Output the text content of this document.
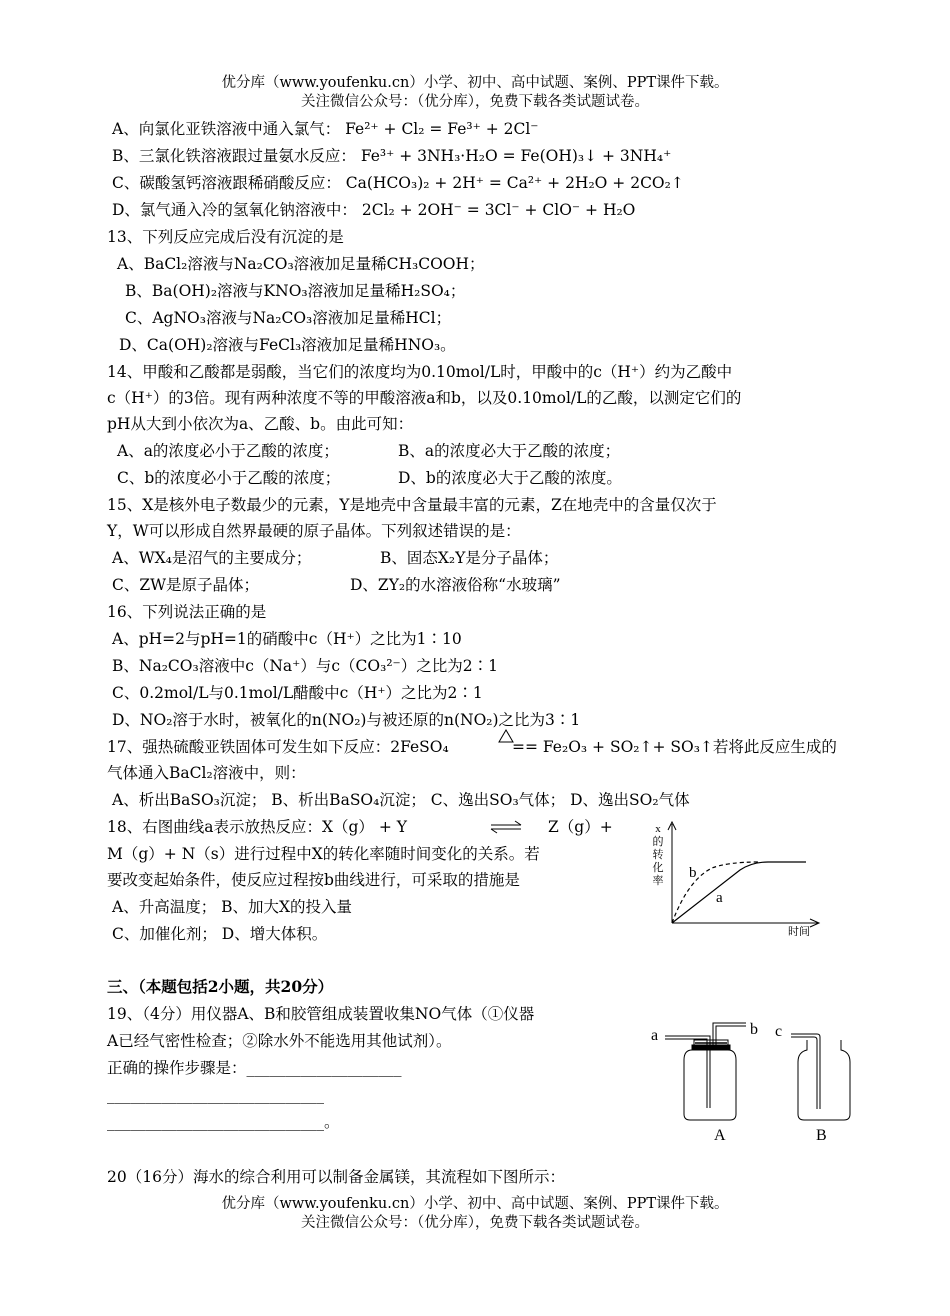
优分库（www.youfenku.cn）小学、初中、高中试题、案例、PPT课件下载。
关注微信公众号：（优分库），免费下载各类试题试卷。
A、向氯化亚铁溶液中通入氯气： Fe²⁺ + Cl₂ = Fe³⁺ + 2Cl⁻
B、三氯化铁溶液跟过量氨水反应： Fe³⁺ + 3NH₃·H₂O = Fe(OH)₃↓ + 3NH₄⁺
C、碳酸氢钙溶液跟稀硝酸反应： Ca(HCO₃)₂ + 2H⁺ = Ca²⁺ + 2H₂O + 2CO₂↑
D、氯气通入冷的氢氧化钠溶液中： 2Cl₂ + 2OH⁻ = 3Cl⁻ + ClO⁻ + H₂O
13、下列反应完成后没有沉淀的是
A、BaCl₂溶液与Na₂CO₃溶液加足量稀CH₃COOH；
B、Ba(OH)₂溶液与KNO₃溶液加足量稀H₂SO₄；
C、AgNO₃溶液与Na₂CO₃溶液加足量稀HCl；
D、Ca(OH)₂溶液与FeCl₃溶液加足量稀HNO₃。
14、甲酸和乙酸都是弱酸，当它们的浓度均为0.10mol/L时，甲酸中的c（H⁺）约为乙酸中
c（H⁺）的3倍。现有两种浓度不等的甲酸溶液a和b，以及0.10mol/L的乙酸，以测定它们的
pH从大到小依次为a、乙酸、b。由此可知：
A、a的浓度必小于乙酸的浓度；	B、a的浓度必大于乙酸的浓度；
C、b的浓度必小于乙酸的浓度；	D、b的浓度必大于乙酸的浓度。
15、X是核外电子数最少的元素，Y是地壳中含量最丰富的元素，Z在地壳中的含量仅次于
Y，W可以形成自然界最硬的原子晶体。下列叙述错误的是：
A、WX₄是沼气的主要成分；	B、固态X₂Y是分子晶体；
C、ZW是原子晶体；	D、ZY₂的水溶液俗称“水玻璃”
16、下列说法正确的是
A、pH=2与pH=1的硝酸中c（H⁺）之比为1∶10
B、Na₂CO₃溶液中c（Na⁺）与c（CO₃²⁻）之比为2∶1
C、0.2mol/L与0.1mol/L醋酸中c（H⁺）之比为2∶1
D、NO₂溶于水时，被氧化的n(NO₂)与被还原的n(NO₂)之比为3∶1
17、强热硫酸亚铁固体可发生如下反应：2FeSO₄	== Fe₂O₃ + SO₂↑+ SO₃↑若将此反应生成的
气体通入BaCl₂溶液中，则：
A、析出BaSO₃沉淀； B、析出BaSO₄沉淀； C、逸出SO₃气体； D、逸出SO₂气体
18、右图曲线a表示放热反应：X（g） + Y	⇌ Z（g）+
M（g）+ N（s）进行过程中X的转化率随时间变化的关系。若
要改变起始条件，使反应过程按b曲线进行，可采取的措施是
A、升高温度； B、加大X的投入量
C、加催化剂； D、增大体积。
x
的
转
化
率
时间
b
a
三、（本题包括2小题，共20分）
19、（4分）用仪器A、B和胶管组成装置收集NO气体（①仪器
A已经气密性检查；②除水外不能选用其他试剂）。
正确的操作步骤是：____________________
____________________________
____________________________。
a	b
A
c
B
20（16分）海水的综合利用可以制备金属镁，其流程如下图所示：
优分库（www.youfenku.cn）小学、初中、高中试题、案例、PPT课件下载。
关注微信公众号：（优分库），免费下载各类试题试卷。
